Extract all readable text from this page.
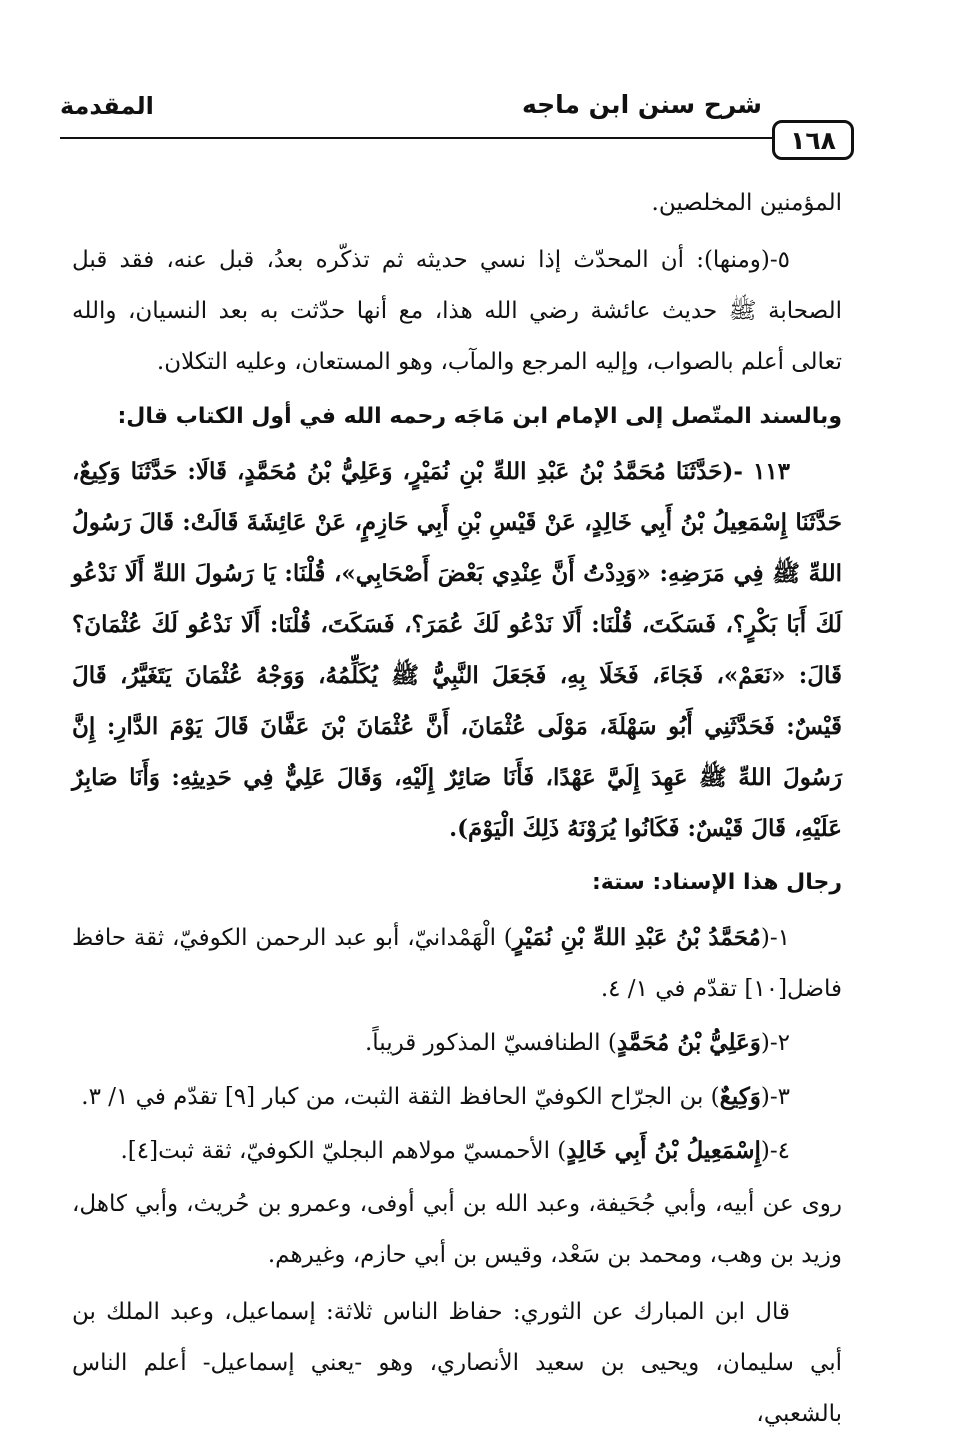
١٦٨
شرح سنن ابن ماجه
المقدمة

المؤمنين المخلصين.

٥-(ومنها): أن المحدّث إذا نسي حديثه ثم تذكّره بعدُ، قبل عنه، فقد قبل الصحابة ﷺ حديث عائشة رضي الله هذا، مع أنها حدّثت به بعد النسيان، والله تعالى أعلم بالصواب، وإليه المرجع والمآب، وهو المستعان، وعليه التكلان.

وبالسند المتّصل إلى الإمام ابن مَاجَه رحمه الله في أول الكتاب قال:

١١٣ -(حَدَّثَنَا مُحَمَّدُ بْنُ عَبْدِ اللهِّ بْنِ نُمَيْرٍ، وَعَلِيُّ بْنُ مُحَمَّدٍ، قَالَا: حَدَّثَنَا وَكِيعٌ، حَدَّثَنَا إِسْمَعِيلُ بْنُ أَبِي خَالِدٍ، عَنْ قَيْسِ بْنِ أَبِي حَازِمٍ، عَنْ عَائِشَةَ قَالَتْ: قَالَ رَسُولُ اللهِّ ﷺ فِي مَرَضِهِ: «وَدِدْتُ أَنَّ عِنْدِي بَعْضَ أَصْحَابِي»، قُلْنَا: يَا رَسُولَ اللهِّ أَلَا نَدْعُو لَكَ أَبَا بَكْرٍ؟، فَسَكَتَ، قُلْنَا: أَلَا نَدْعُو لَكَ عُمَرَ؟، فَسَكَتَ، قُلْنَا: أَلَا نَدْعُو لَكَ عُثْمَانَ؟ قَالَ: «نَعَمْ»، فَجَاءَ، فَخَلَا بِهِ، فَجَعَلَ النَّبِيُّ ﷺ يُكَلِّمُهُ، وَوَجْهُ عُثْمَانَ يَتَغَيَّرُ، قَالَ قَيْسٌ: فَحَدَّثَنِي أَبُو سَهْلَةَ، مَوْلَى عُثْمَانَ، أَنَّ عُثْمَانَ بْنَ عَفَّانَ قَالَ يَوْمَ الدَّارِ: إِنَّ رَسُولَ اللهِّ ﷺ عَهِدَ إِلَيَّ عَهْدًا، فَأَنَا صَائِرٌ إِلَيْهِ، وَقَالَ عَلِيٌّ فِي حَدِيثِهِ: وَأَنَا صَابِرٌ عَلَيْهِ، قَالَ قَيْسٌ: فَكَانُوا يُرَوْنَهُ ذَلِكَ الْيَوْمَ).

رجال هذا الإسناد: ستة:

١-(مُحَمَّدُ بْنُ عَبْدِ اللهِّ بْنِ نُمَيْرٍ) الْهَمْدانيّ، أبو عبد الرحمن الكوفيّ، ثقة حافظ فاضل[١٠] تقدّم في ١/ ٤.

٢-(وَعَلِيُّ بْنُ مُحَمَّدٍ) الطنافسيّ المذكور قريباً.

٣-(وَكِيعٌ) بن الجرّاح الكوفيّ الحافظ الثقة الثبت، من كبار [٩] تقدّم في ١/ ٣.

٤-(إِسْمَعِيلُ بْنُ أَبِي خَالِدٍ) الأحمسيّ مولاهم البجليّ الكوفيّ، ثقة ثبت[٤].

روى عن أبيه، وأبي جُحَيفة، وعبد الله بن أبي أوفى، وعمرو بن حُريث، وأبي كاهل، وزيد بن وهب، ومحمد بن سَعْد، وقيس بن أبي حازم، وغيرهم.

قال ابن المبارك عن الثوري: حفاظ الناس ثلاثة: إسماعيل، وعبد الملك بن أبي سليمان، ويحيى بن سعيد الأنصاري، وهو -يعني إسماعيل- أعلم الناس بالشعبي،
